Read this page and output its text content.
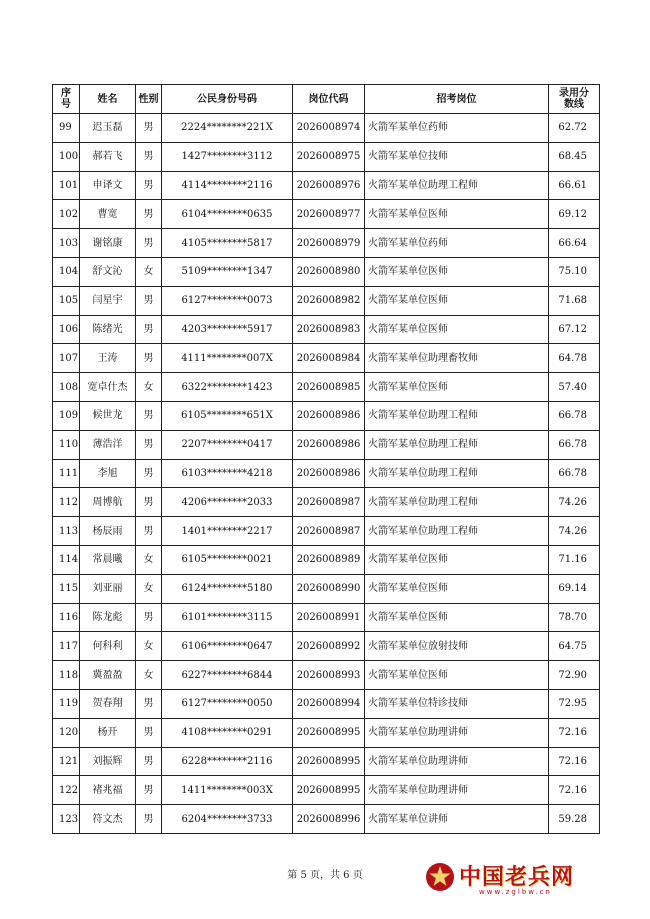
序号	姓名	性别	公民身份号码	岗位代码	招考岗位	录用分数线
99	迟玉磊	男	2224********221X	2026008974	火箭军某单位药师	62.72
100	郝若飞	男	1427********3112	2026008975	火箭军某单位技师	68.45
101	申译文	男	4114********2116	2026008976	火箭军某单位助理工程师	66.61
102	曹宽	男	6104********0635	2026008977	火箭军某单位医师	69.12
103	谢铭康	男	4105********5817	2026008979	火箭军某单位药师	66.64
104	舒文沁	女	5109********1347	2026008980	火箭军某单位医师	75.10
105	闫星宇	男	6127********0073	2026008982	火箭军某单位医师	71.68
106	陈绪光	男	4203********5917	2026008983	火箭军某单位医师	67.12
107	王涛	男	4111********007X	2026008984	火箭军某单位助理畜牧师	64.78
108	宽卓什杰	女	6322********1423	2026008985	火箭军某单位医师	57.40
109	候世龙	男	6105********651X	2026008986	火箭军某单位助理工程师	66.78
110	薄浩洋	男	2207********0417	2026008986	火箭军某单位助理工程师	66.78
111	李旭	男	6103********4218	2026008986	火箭军某单位助理工程师	66.78
112	周博航	男	4206********2033	2026008987	火箭军某单位助理工程师	74.26
113	杨辰雨	男	1401********2217	2026008987	火箭军某单位助理工程师	74.26
114	常晨曦	女	6105********0021	2026008989	火箭军某单位医师	71.16
115	刘亚丽	女	6124********5180	2026008990	火箭军某单位医师	69.14
116	陈龙彪	男	6101********3115	2026008991	火箭军某单位医师	78.70
117	何科利	女	6106********0647	2026008992	火箭军某单位放射技师	64.75
118	冀盈盈	女	6227********6844	2026008993	火箭军某单位医师	72.90
119	贺春翔	男	6127********0050	2026008994	火箭军某单位特诊技师	72.95
120	杨开	男	4108********0291	2026008995	火箭军某单位助理讲师	72.16
121	刘振辉	男	6228********2116	2026008995	火箭军某单位助理讲师	72.16
122	褚兆福	男	1411********003X	2026008995	火箭军某单位助理讲师	72.16
123	符文杰	男	6204********3733	2026008996	火箭军某单位讲师	59.28
第 5 页，共 6 页	中国老兵网
www.zglbw.cn
